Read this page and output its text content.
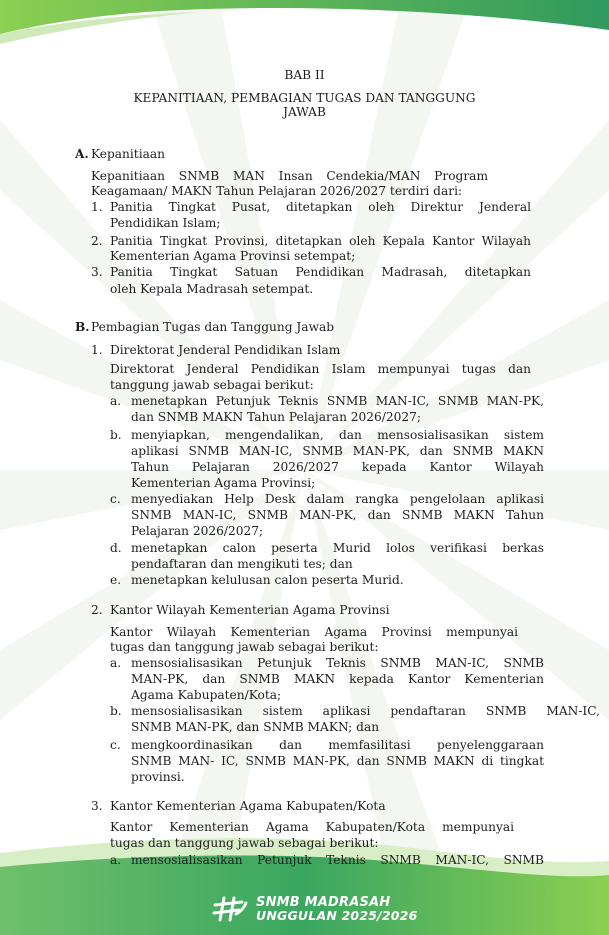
BAB II
KEPANITIAAN, PEMBAGIAN TUGAS DAN TANGGUNG
JAWAB
A. Kepanitiaan
Kepanitiaan SNMB MAN Insan Cendekia/MAN Program
Keagamaan/ MAKN Tahun Pelajaran 2026/2027 terdiri dari:
1. Panitia Tingkat Pusat, ditetapkan oleh Direktur Jenderal
Pendidikan Islam;
2. Panitia Tingkat Provinsi, ditetapkan oleh Kepala Kantor Wilayah
Kementerian Agama Provinsi setempat;
3. Panitia Tingkat Satuan Pendidikan Madrasah, ditetapkan
oleh Kepala Madrasah setempat.
B. Pembagian Tugas dan Tanggung Jawab
1. Direktorat Jenderal Pendidikan Islam
Direktorat Jenderal Pendidikan Islam mempunyai tugas dan
tanggung jawab sebagai berikut:
a. menetapkan Petunjuk Teknis SNMB MAN-IC, SNMB MAN-PK,
dan SNMB MAKN Tahun Pelajaran 2026/2027;
b. menyiapkan, mengendalikan, dan mensosialisasikan sistem
aplikasi SNMB MAN-IC, SNMB MAN-PK, dan SNMB MAKN
Tahun Pelajaran 2026/2027 kepada Kantor Wilayah
Kementerian Agama Provinsi;
c. menyediakan Help Desk dalam rangka pengelolaan aplikasi
SNMB MAN-IC, SNMB MAN-PK, dan SNMB MAKN Tahun
Pelajaran 2026/2027;
d. menetapkan calon peserta Murid lolos verifikasi berkas
pendaftaran dan mengikuti tes; dan
e. menetapkan kelulusan calon peserta Murid.
2. Kantor Wilayah Kementerian Agama Provinsi
Kantor Wilayah Kementerian Agama Provinsi mempunyai
tugas dan tanggung jawab sebagai berikut:
a. mensosialisasikan Petunjuk Teknis SNMB MAN-IC, SNMB
MAN-PK, dan SNMB MAKN kepada Kantor Kementerian
Agama Kabupaten/Kota;
b. mensosialisasikan sistem aplikasi pendaftaran SNMB MAN-IC,
SNMB MAN-PK, dan SNMB MAKN; dan
c. mengkoordinasikan dan memfasilitasi penyelenggaraan
SNMB MAN- IC, SNMB MAN-PK, dan SNMB MAKN di tingkat
provinsi.
3. Kantor Kementerian Agama Kabupaten/Kota
Kantor Kementerian Agama Kabupaten/Kota mempunyai
tugas dan tanggung jawab sebagai berikut:
a. mensosialisasikan Petunjuk Teknis SNMB MAN-IC, SNMB
SNMB MADRASAH
UNGGULAN 2025/2026
